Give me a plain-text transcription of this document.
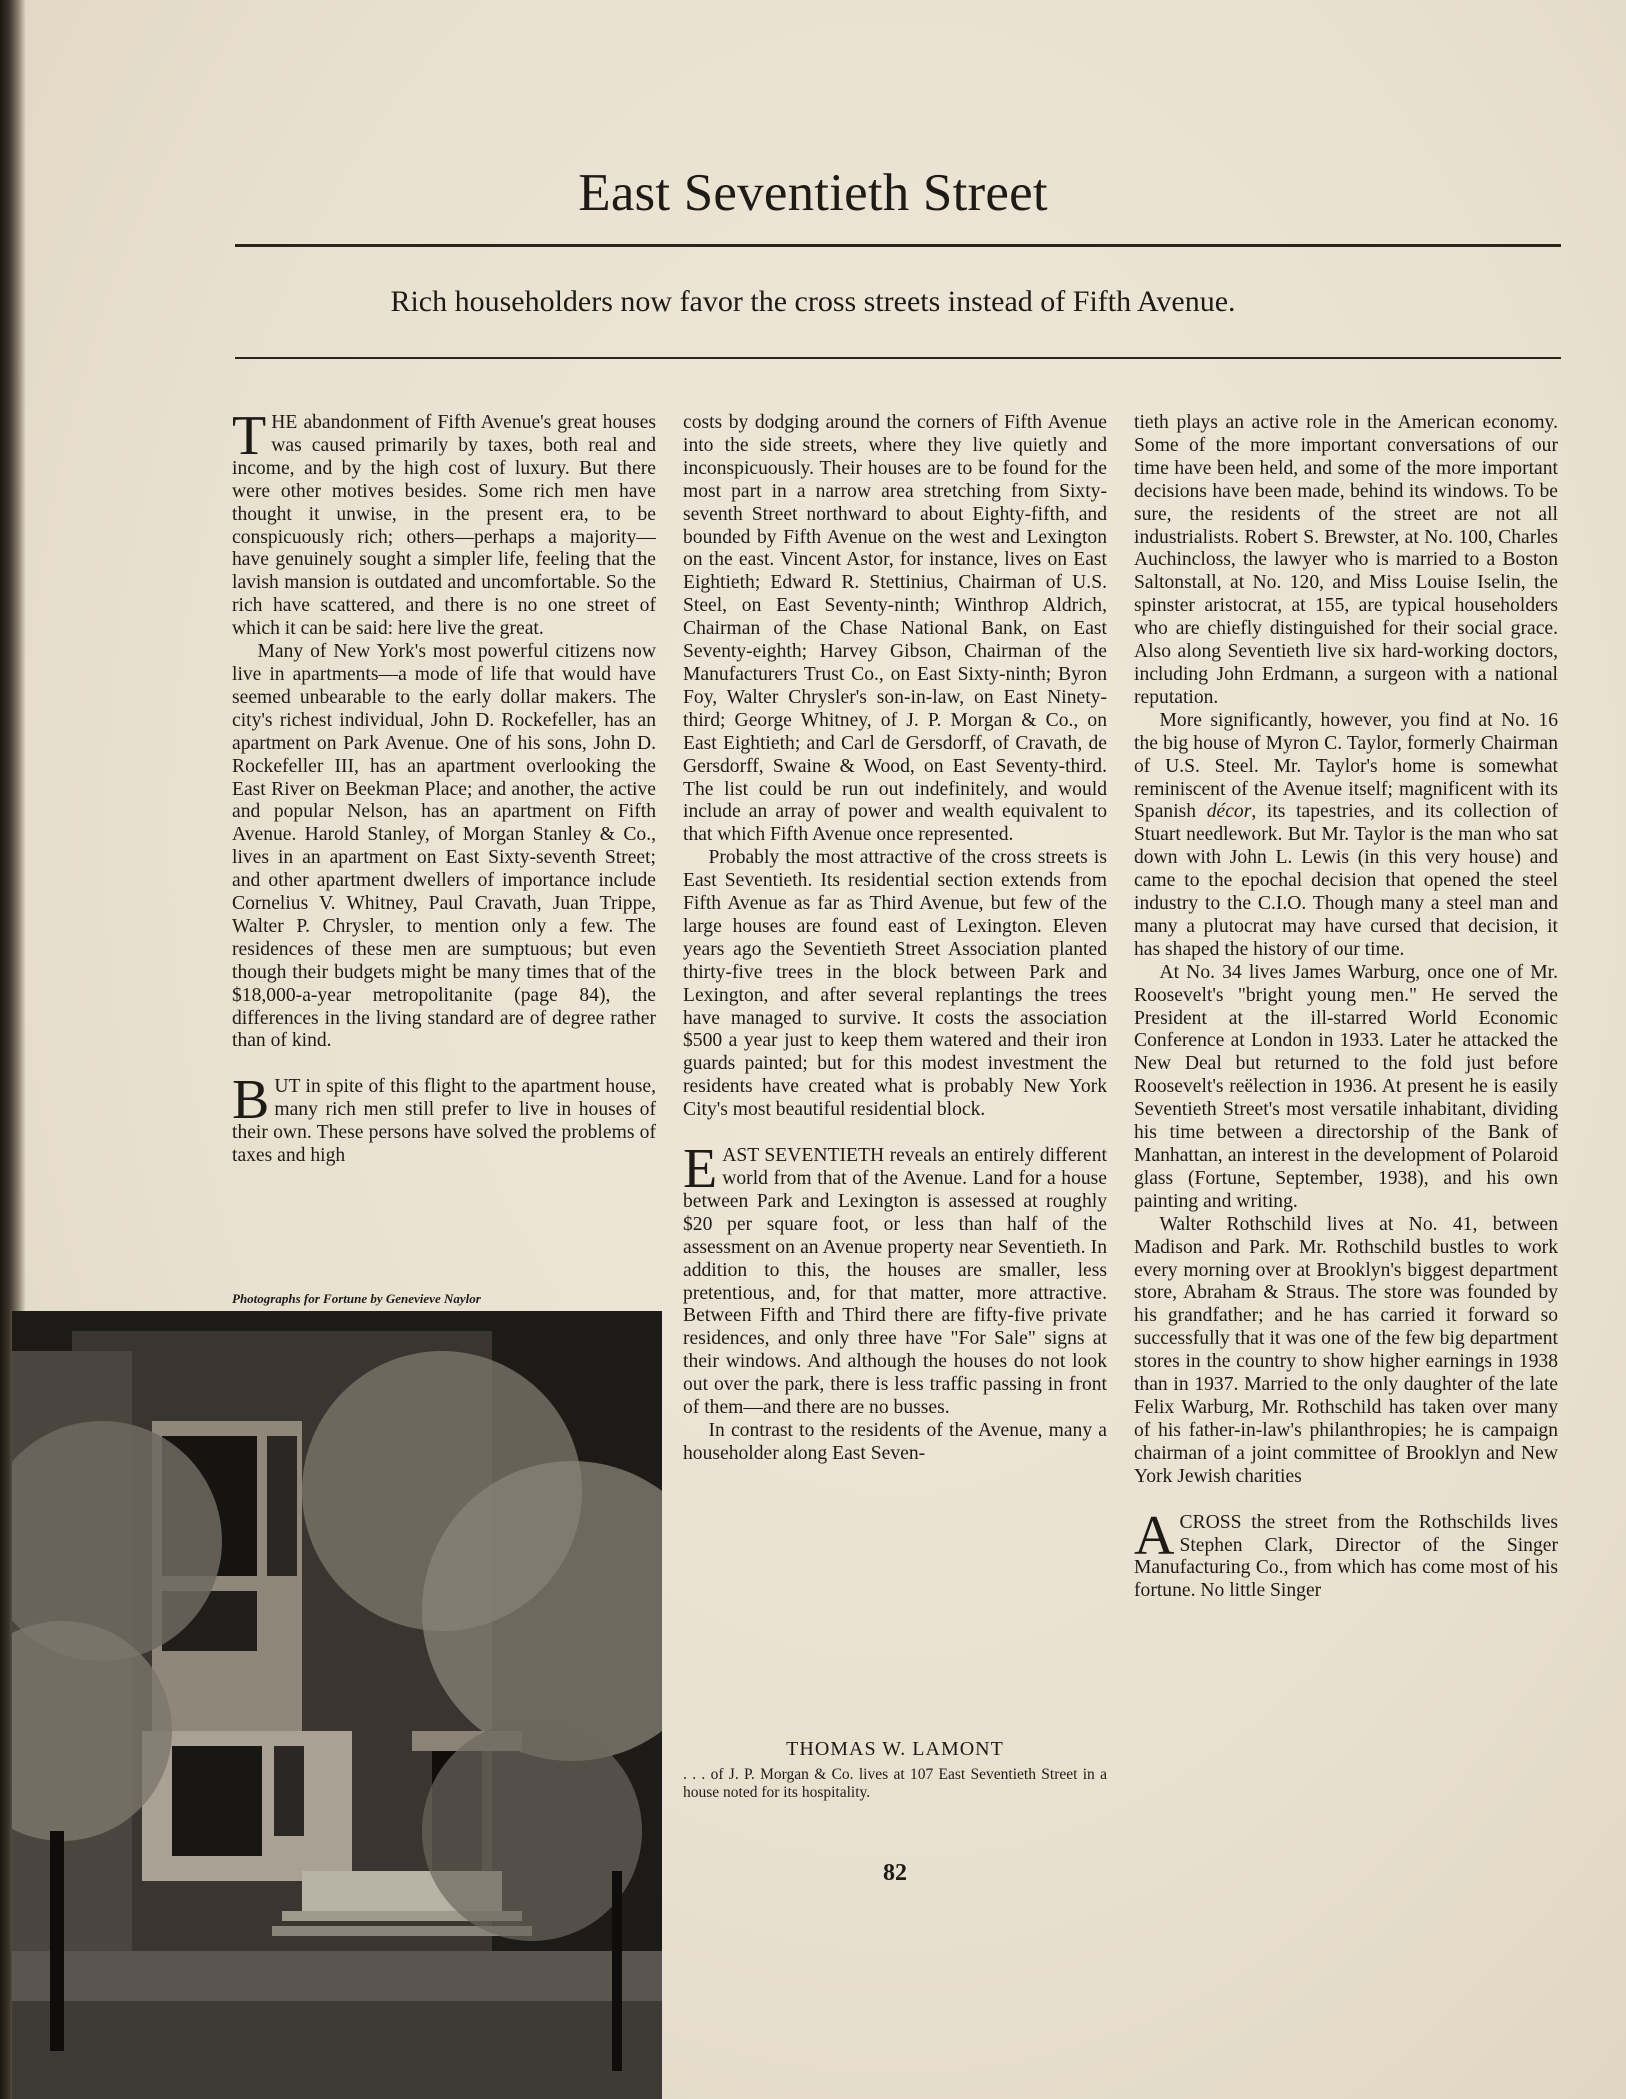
East Seventieth Street
Rich householders now favor the cross streets instead of Fifth Avenue.

THE abandonment of Fifth Avenue's great houses was caused primarily by taxes, both real and income, and by the high cost of luxury. But there were other motives besides. Some rich men have thought it unwise, in the present era, to be conspicuously rich; others—perhaps a majority—have genuinely sought a simpler life, feeling that the lavish mansion is outdated and uncomfortable. So the rich have scattered, and there is no one street of which it can be said: here live the great.

Many of New York's most powerful citizens now live in apartments—a mode of life that would have seemed unbearable to the early dollar makers. The city's richest individual, John D. Rockefeller, has an apartment on Park Avenue. One of his sons, John D. Rockefeller III, has an apartment overlooking the East River on Beekman Place; and another, the active and popular Nelson, has an apartment on Fifth Avenue. Harold Stanley, of Morgan Stanley & Co., lives in an apartment on East Sixty-seventh Street; and other apartment dwellers of importance include Cornelius V. Whitney, Paul Cravath, Juan Trippe, Walter P. Chrysler, to mention only a few. The residences of these men are sumptuous; but even though their budgets might be many times that of the $18,000-a-year metropolitanite (page 84), the differences in the living standard are of degree rather than of kind.

BUT in spite of this flight to the apartment house, many rich men still prefer to live in houses of their own. These persons have solved the problems of taxes and high

Photographs for Fortune by Genevieve Naylor

costs by dodging around the corners of Fifth Avenue into the side streets, where they live quietly and inconspicuously. Their houses are to be found for the most part in a narrow area stretching from Sixty-seventh Street northward to about Eighty-fifth, and bounded by Fifth Avenue on the west and Lexington on the east. Vincent Astor, for instance, lives on East Eightieth; Edward R. Stettinius, Chairman of U.S. Steel, on East Seventy-ninth; Winthrop Aldrich, Chairman of the Chase National Bank, on East Seventy-eighth; Harvey Gibson, Chairman of the Manufacturers Trust Co., on East Sixty-ninth; Byron Foy, Walter Chrysler's son-in-law, on East Ninety-third; George Whitney, of J. P. Morgan & Co., on East Eightieth; and Carl de Gersdorff, of Cravath, de Gersdorff, Swaine & Wood, on East Seventy-third. The list could be run out indefinitely, and would include an array of power and wealth equivalent to that which Fifth Avenue once represented.

Probably the most attractive of the cross streets is East Seventieth. Its residential section extends from Fifth Avenue as far as Third Avenue, but few of the large houses are found east of Lexington. Eleven years ago the Seventieth Street Association planted thirty-five trees in the block between Park and Lexington, and after several replantings the trees have managed to survive. It costs the association $500 a year just to keep them watered and their iron guards painted; but for this modest investment the residents have created what is probably New York City's most beautiful residential block.

EAST SEVENTIETH reveals an entirely different world from that of the Avenue. Land for a house between Park and Lexington is assessed at roughly $20 per square foot, or less than half of the assessment on an Avenue property near Seventieth. In addition to this, the houses are smaller, less pretentious, and, for that matter, more attractive. Between Fifth and Third there are fifty-five private residences, and only three have "For Sale" signs at their windows. And although the houses do not look out over the park, there is less traffic passing in front of them—and there are no busses.

In contrast to the residents of the Avenue, many a householder along East Seven-

THOMAS W. LAMONT
. . . of J. P. Morgan & Co. lives at 107 East Seventieth Street in a house noted for its hospitality.

tieth plays an active role in the American economy. Some of the more important conversations of our time have been held, and some of the more important decisions have been made, behind its windows. To be sure, the residents of the street are not all industrialists. Robert S. Brewster, at No. 100, Charles Auchincloss, the lawyer who is married to a Boston Saltonstall, at No. 120, and Miss Louise Iselin, the spinster aristocrat, at 155, are typical householders who are chiefly distinguished for their social grace. Also along Seventieth live six hard-working doctors, including John Erdmann, a surgeon with a national reputation.

More significantly, however, you find at No. 16 the big house of Myron C. Taylor, formerly Chairman of U.S. Steel. Mr. Taylor's home is somewhat reminiscent of the Avenue itself; magnificent with its Spanish décor, its tapestries, and its collection of Stuart needlework. But Mr. Taylor is the man who sat down with John L. Lewis (in this very house) and came to the epochal decision that opened the steel industry to the C.I.O. Though many a steel man and many a plutocrat may have cursed that decision, it has shaped the history of our time.

At No. 34 lives James Warburg, once one of Mr. Roosevelt's "bright young men." He served the President at the ill-starred World Economic Conference at London in 1933. Later he attacked the New Deal but returned to the fold just before Roosevelt's reëlection in 1936. At present he is easily Seventieth Street's most versatile inhabitant, dividing his time between a directorship of the Bank of Manhattan, an interest in the development of Polaroid glass (Fortune, September, 1938), and his own painting and writing.

Walter Rothschild lives at No. 41, between Madison and Park. Mr. Rothschild bustles to work every morning over at Brooklyn's biggest department store, Abraham & Straus. The store was founded by his grandfather; and he has carried it forward so successfully that it was one of the few big department stores in the country to show higher earnings in 1938 than in 1937. Married to the only daughter of the late Felix Warburg, Mr. Rothschild has taken over many of his father-in-law's philanthropies; he is campaign chairman of a joint committee of Brooklyn and New York Jewish charities

ACROSS the street from the Rothschilds lives Stephen Clark, Director of the Singer Manufacturing Co., from which has come most of his fortune. No little Singer

82
